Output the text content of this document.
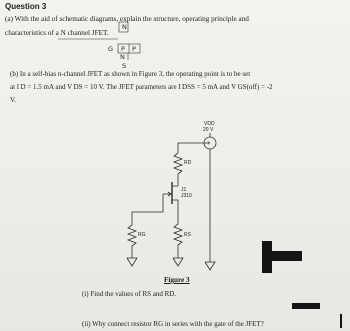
Question 3
(a) With the aid of schematic diagrams, explain the structure, operating principle and
characteristics of a N channel JFET.
N
G P P
N
S
(b) In a self-bias n-channel JFET as shown in Figure 3, the operating point is to be set
at I D = 1.5 mA and V DS = 10 V. The JFET parameters are I DSS = 5 mA and V GS(off) = -2
V.
VDD
20 V
+
RD
J1
J310
RS
RG
Figure 3
(i) Find the values of RS and RD.
(ii) Why connect resistor RG in series with the gate of the JFET?
